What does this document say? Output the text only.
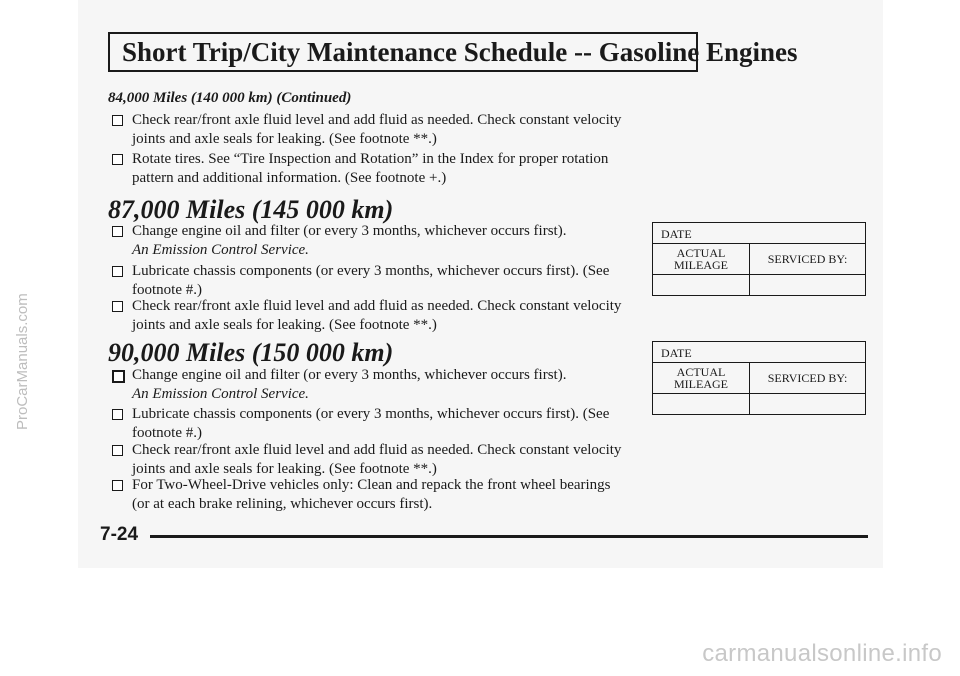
Short Trip/City Maintenance Schedule -- Gasoline Engines
84,000 Miles (140 000 km) (Continued)
Check rear/front axle fluid level and add fluid as needed. Check constant velocity joints and axle seals for leaking. (See footnote **.)
Rotate tires. See “Tire Inspection and Rotation” in the Index for proper rotation pattern and additional information. (See footnote +.)
87,000 Miles (145 000 km)
Change engine oil and filter (or every 3 months, whichever occurs first).
An Emission Control Service.
Lubricate chassis components (or every 3 months, whichever occurs first). (See footnote #.)
Check rear/front axle fluid level and add fluid as needed. Check constant velocity joints and axle seals for leaking. (See footnote **.)
90,000 Miles (150 000 km)
Change engine oil and filter (or every 3 months, whichever occurs first).
An Emission Control Service.
Lubricate chassis components (or every 3 months, whichever occurs first). (See footnote #.)
Check rear/front axle fluid level and add fluid as needed. Check constant velocity joints and axle seals for leaking. (See footnote **.)
For Two-Wheel-Drive vehicles only: Clean and repack the front wheel bearings (or at each brake relining, whichever occurs first).
DATE
ACTUAL MILEAGE	SERVICED BY:
DATE
ACTUAL MILEAGE	SERVICED BY:
7-24
ProCarManuals.com
carmanualsonline.info
